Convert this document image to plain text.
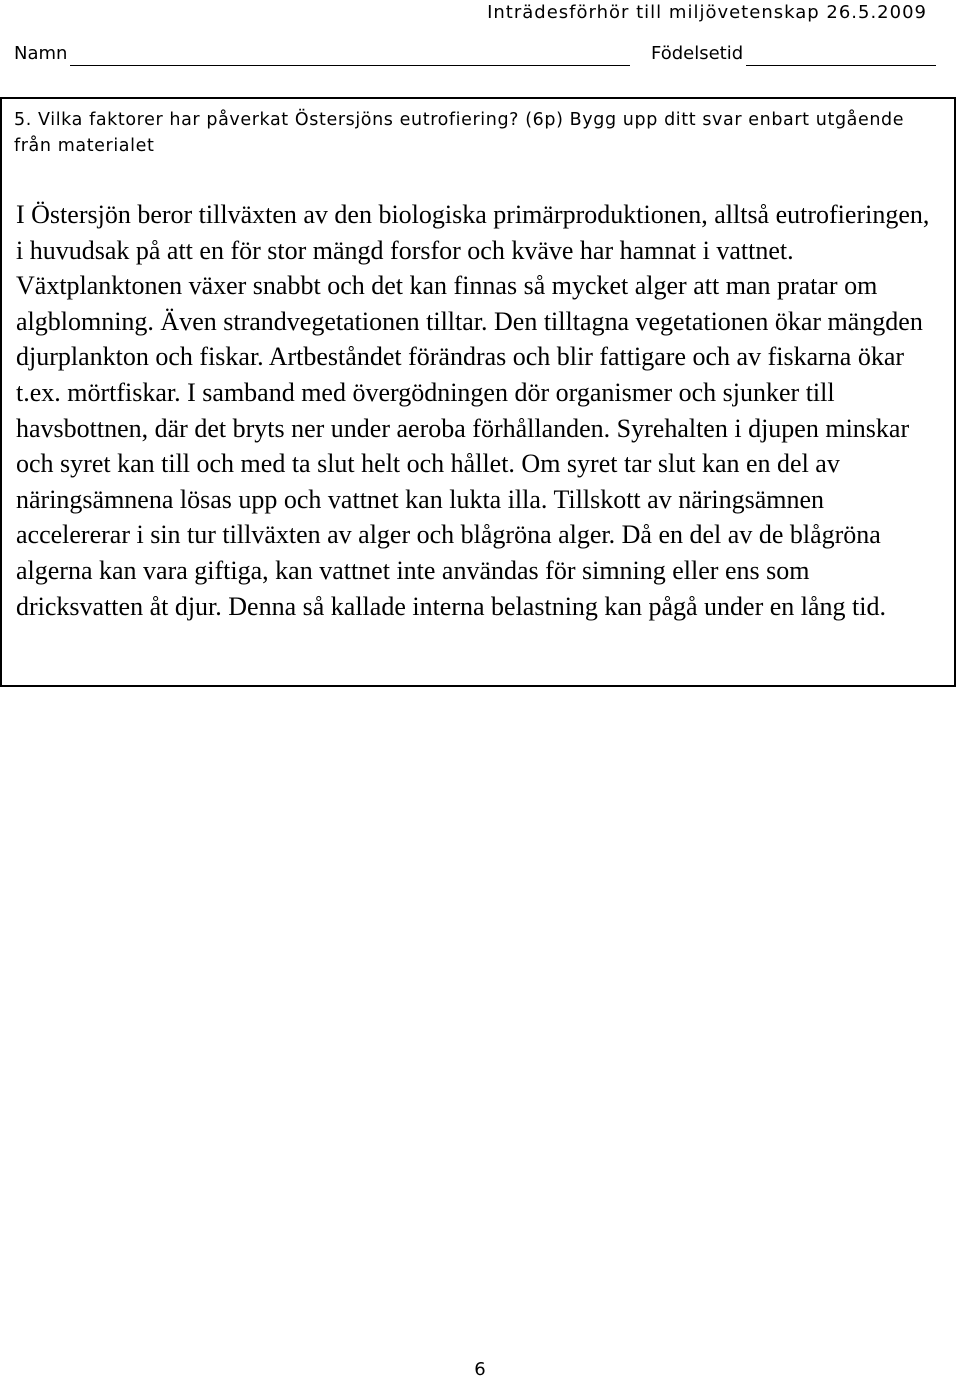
Inträdesförhör till miljövetenskap 26.5.2009
Namn	Födelsetid

5. Vilka faktorer har påverkat Östersjöns eutrofiering? (6p) Bygg upp ditt svar enbart utgående från materialet

I Östersjön beror tillväxten av den biologiska primärproduktionen, alltså eutrofieringen, i huvudsak på att en för stor mängd forsfor och kväve har hamnat i vattnet. Växtplanktonen växer snabbt och det kan finnas så mycket alger att man pratar om algblomning. Även strandvegetationen tilltar. Den tilltagna vegetationen ökar mängden djurplankton och fiskar. Artbeståndet förändras och blir fattigare och av fiskarna ökar t.ex. mörtfiskar. I samband med övergödningen dör organismer och sjunker till havsbottnen, där det bryts ner under aeroba förhållanden. Syrehalten i djupen minskar och syret kan till och med ta slut helt och hållet. Om syret tar slut kan en del av näringsämnena lösas upp och vattnet kan lukta illa. Tillskott av näringsämnen accelererar i sin tur tillväxten av alger och blågröna alger. Då en del av de blågröna algerna kan vara giftiga, kan vattnet inte användas för simning eller ens som dricksvatten åt djur. Denna så kallade interna belastning kan pågå under en lång tid.

6
